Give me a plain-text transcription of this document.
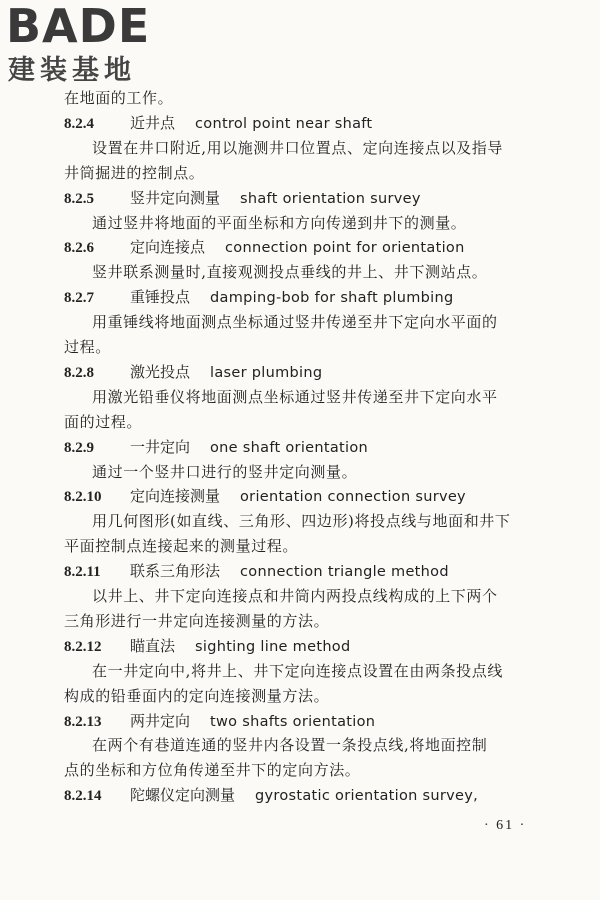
BADE
建装基地
在地面的工作。
8.2.4 近井点 control point near shaft
设置在井口附近,用以施测井口位置点、定向连接点以及指导
井筒掘进的控制点。
8.2.5 竖井定向测量 shaft orientation survey
通过竖井将地面的平面坐标和方向传递到井下的测量。
8.2.6 定向连接点 connection point for orientation
竖井联系测量时,直接观测投点垂线的井上、井下测站点。
8.2.7 重锤投点 damping-bob for shaft plumbing
用重锤线将地面测点坐标通过竖井传递至井下定向水平面的
过程。
8.2.8 激光投点 laser plumbing
用激光铅垂仪将地面测点坐标通过竖井传递至井下定向水平
面的过程。
8.2.9 一井定向 one shaft orientation
通过一个竖井口进行的竖井定向测量。
8.2.10 定向连接测量 orientation connection survey
用几何图形(如直线、三角形、四边形)将投点线与地面和井下
平面控制点连接起来的测量过程。
8.2.11 联系三角形法 connection triangle method
以井上、井下定向连接点和井筒内两投点线构成的上下两个
三角形进行一井定向连接测量的方法。
8.2.12 瞄直法 sighting line method
在一井定向中,将井上、井下定向连接点设置在由两条投点线
构成的铅垂面内的定向连接测量方法。
8.2.13 两井定向 two shafts orientation
在两个有巷道连通的竖井内各设置一条投点线,将地面控制
点的坐标和方位角传递至井下的定向方法。
8.2.14 陀螺仪定向测量 gyrostatic orientation survey,
· 61 ·
